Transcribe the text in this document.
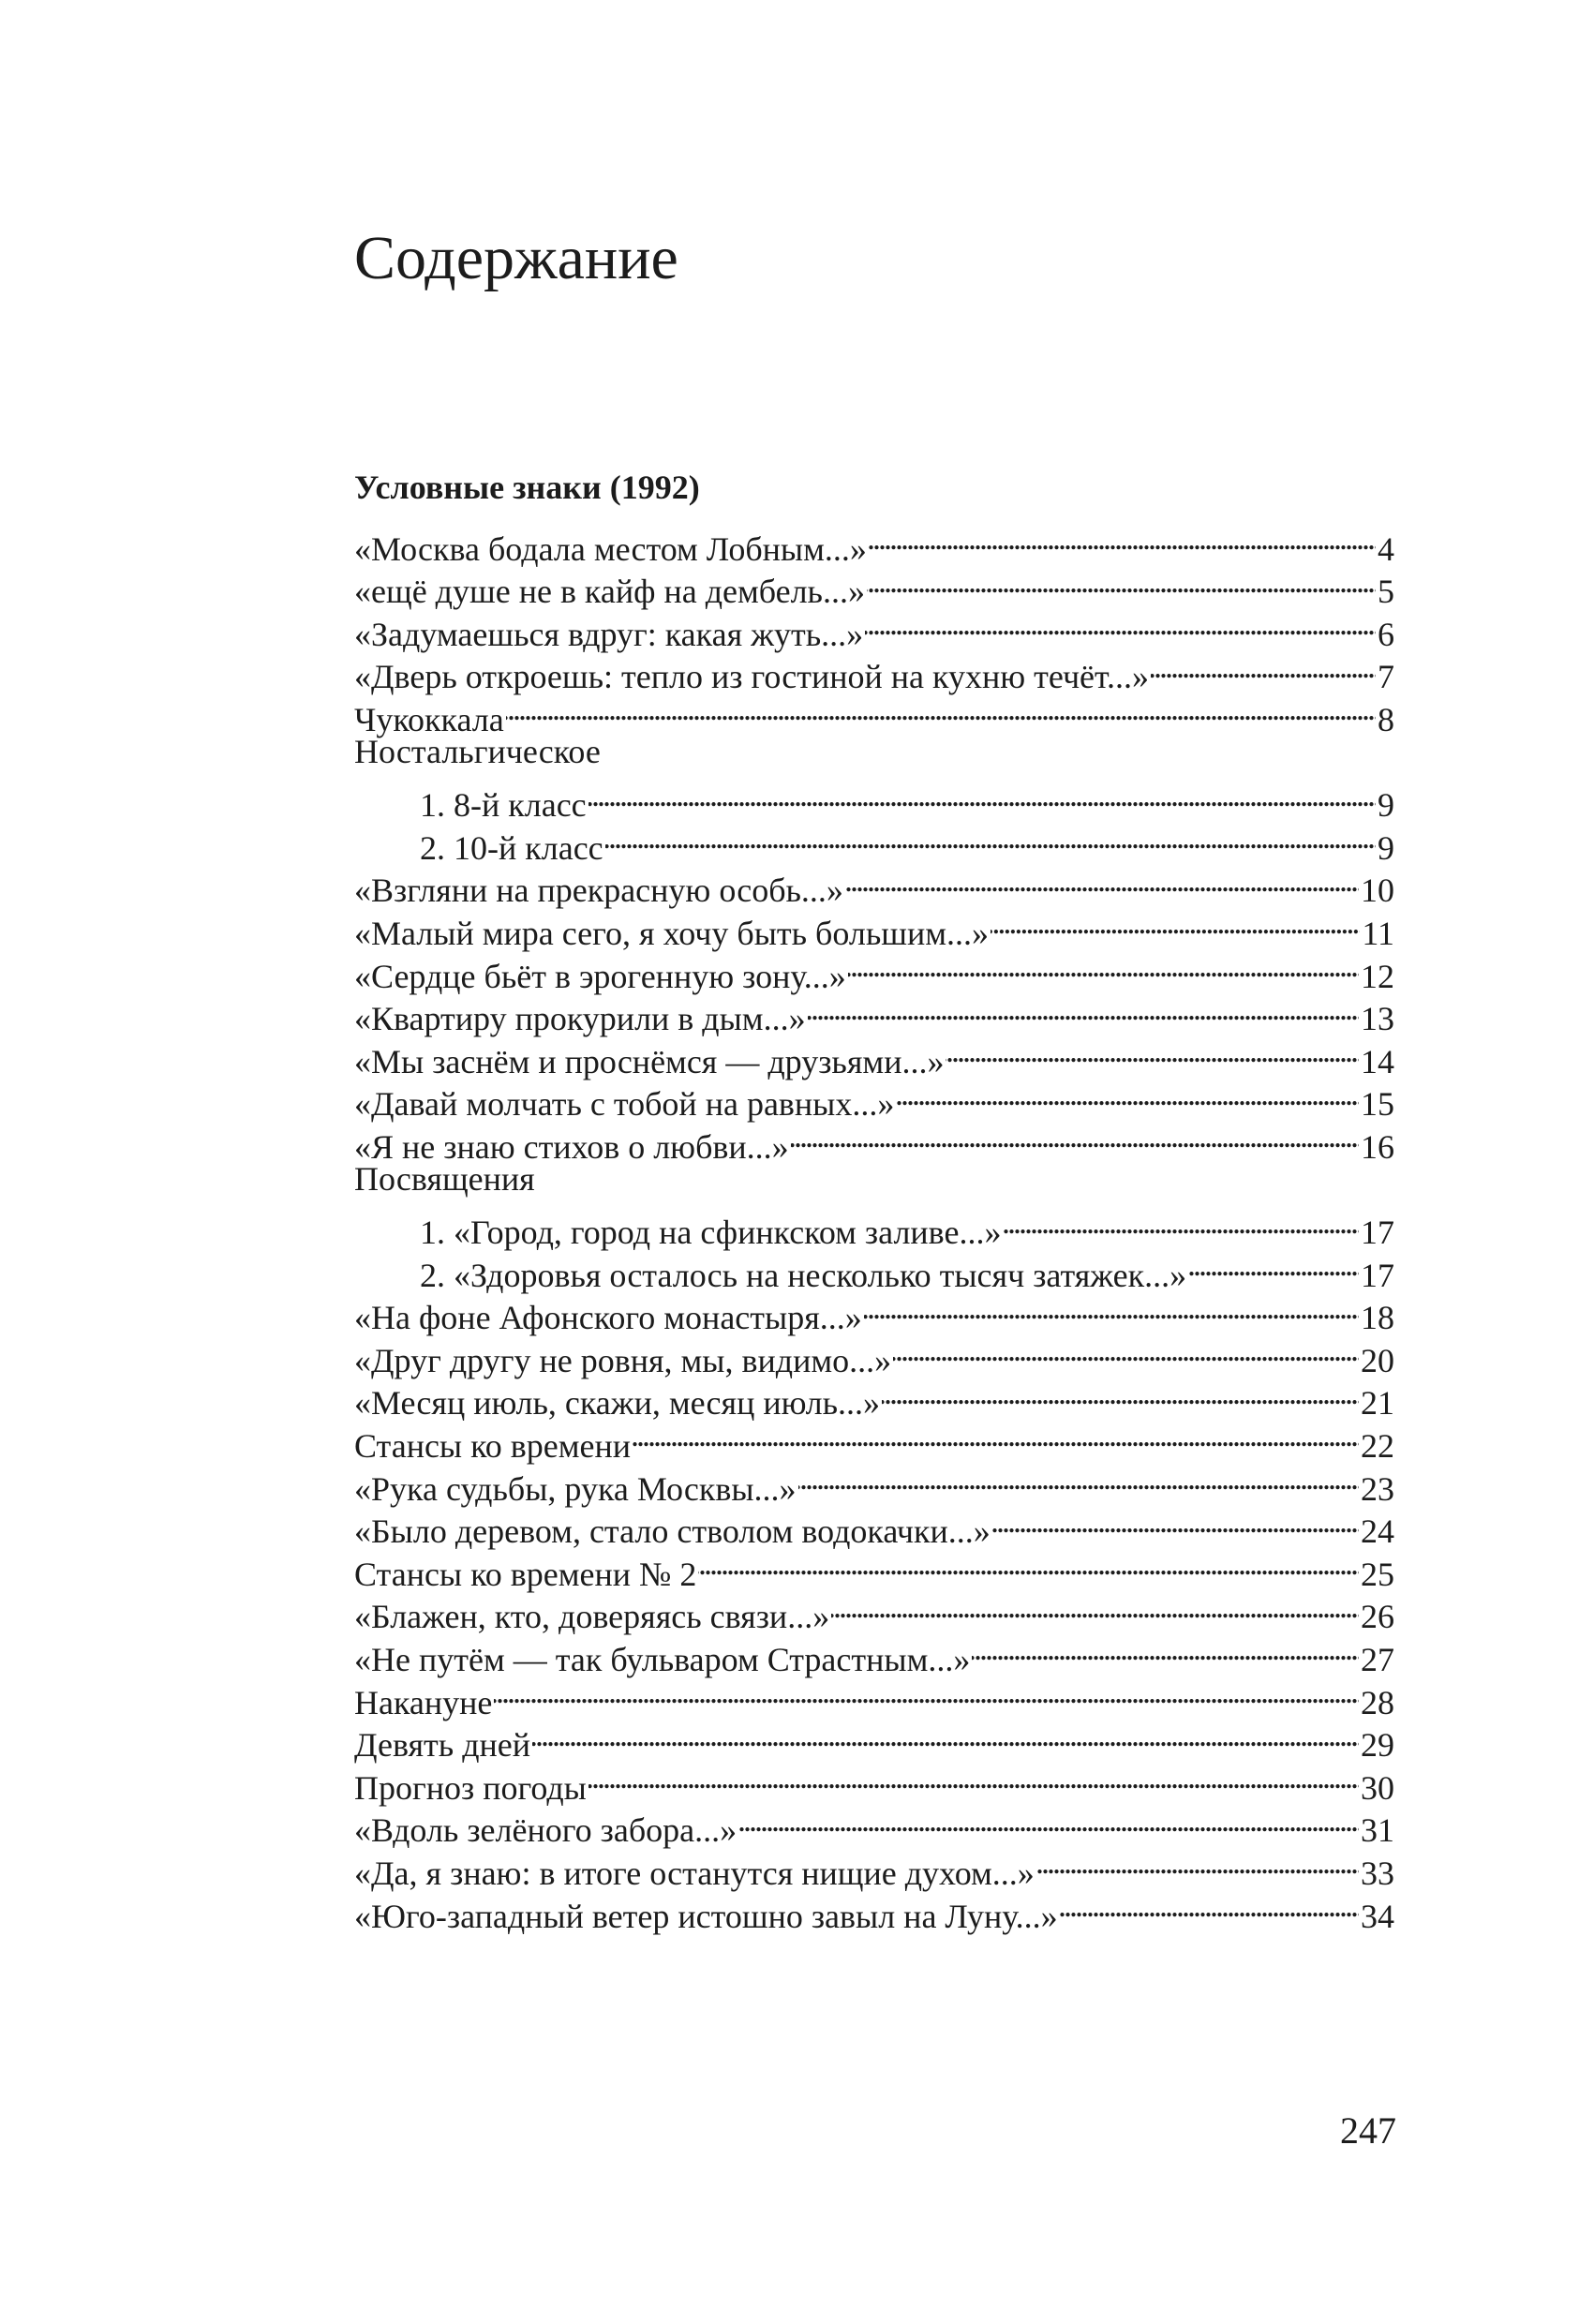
Содержание
Условные знаки (1992)
«Москва бодала местом Лобным...» . . .	4
«ещё душе не в кайф на дембель...» . . .	5
«Задумаешься вдруг: какая жуть...» . . .	6
«Дверь откроешь: тепло из гостиной на кухню течёт...» . . .	7
Чукоккала . . .	8
Ностальгическое
1. 8-й класс . . .	9
2. 10-й класс . . .	9
«Взгляни на прекрасную особь...» . . .	10
«Малый мира сего, я хочу быть большим...» . . .	11
«Сердце бьёт в эрогенную зону...» . . .	12
«Квартиру прокурили в дым...» . . .	13
«Мы заснём и проснёмся — друзьями...» . . .	14
«Давай молчать с тобой на равных...» . . .	15
«Я не знаю стихов о любви...» . . .	16
Посвящения
1. «Город, город на сфинкском заливе...» . . .	17
2. «Здоровья осталось на несколько тысяч затяжек...» . . .	17
«На фоне Афонского монастыря...» . . .	18
«Друг другу не ровня, мы, видимо...» . . .	20
«Месяц июль, скажи, месяц июль...» . . .	21
Стансы ко времени . . .	22
«Рука судьбы, рука Москвы...» . . .	23
«Было деревом, стало стволом водокачки...» . . .	24
Стансы ко времени № 2 . . .	25
«Блажен, кто, доверяясь связи...» . . .	26
«Не путём — так бульваром Страстным...» . . .	27
Накануне . . .	28
Девять дней . . .	29
Прогноз погоды . . .	30
«Вдоль зелёного забора...» . . .	31
«Да, я знаю: в итоге останутся нищие духом...» . . .	33
«Юго-западный ветер истошно завыл на Луну...» . . .	34
247
